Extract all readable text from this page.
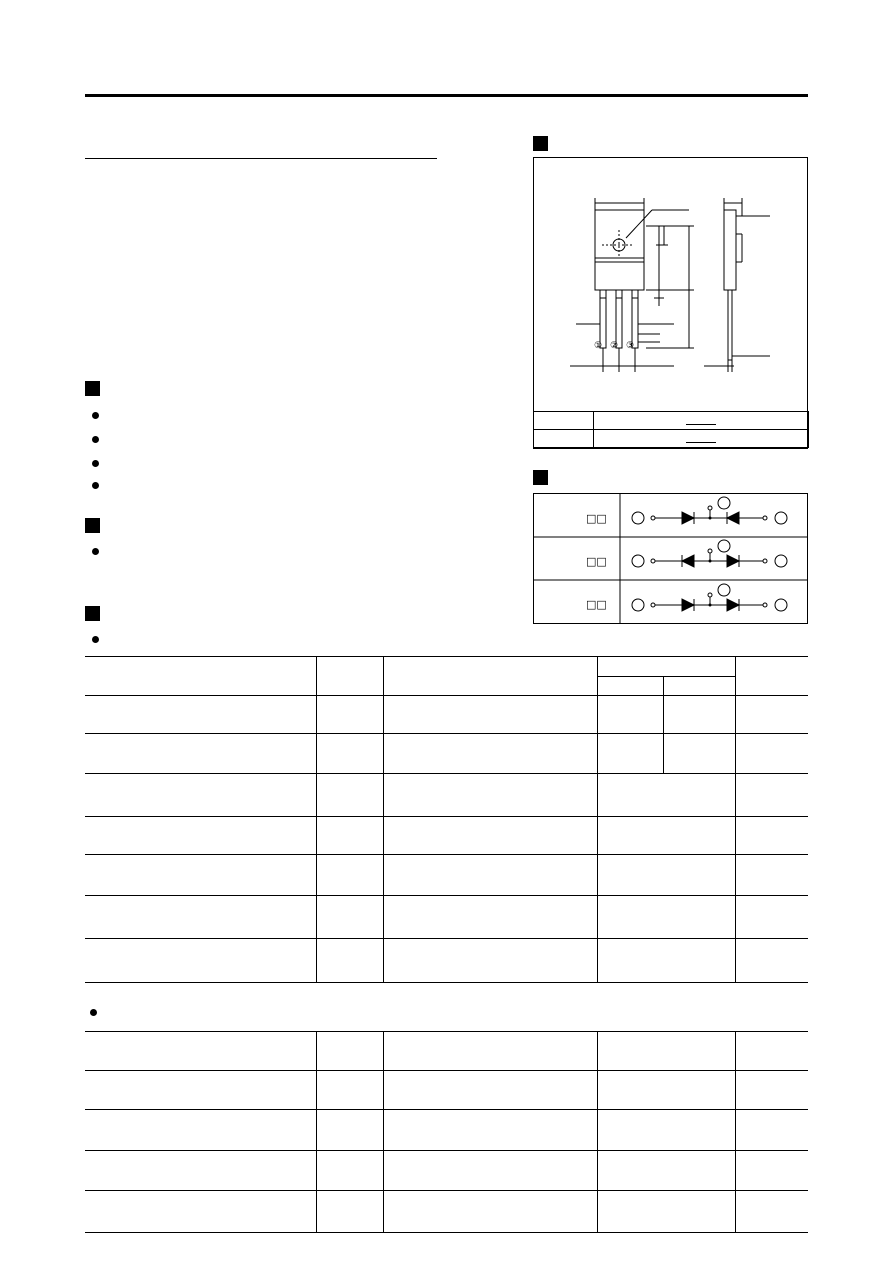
① ② ③

□□
□□
□□
